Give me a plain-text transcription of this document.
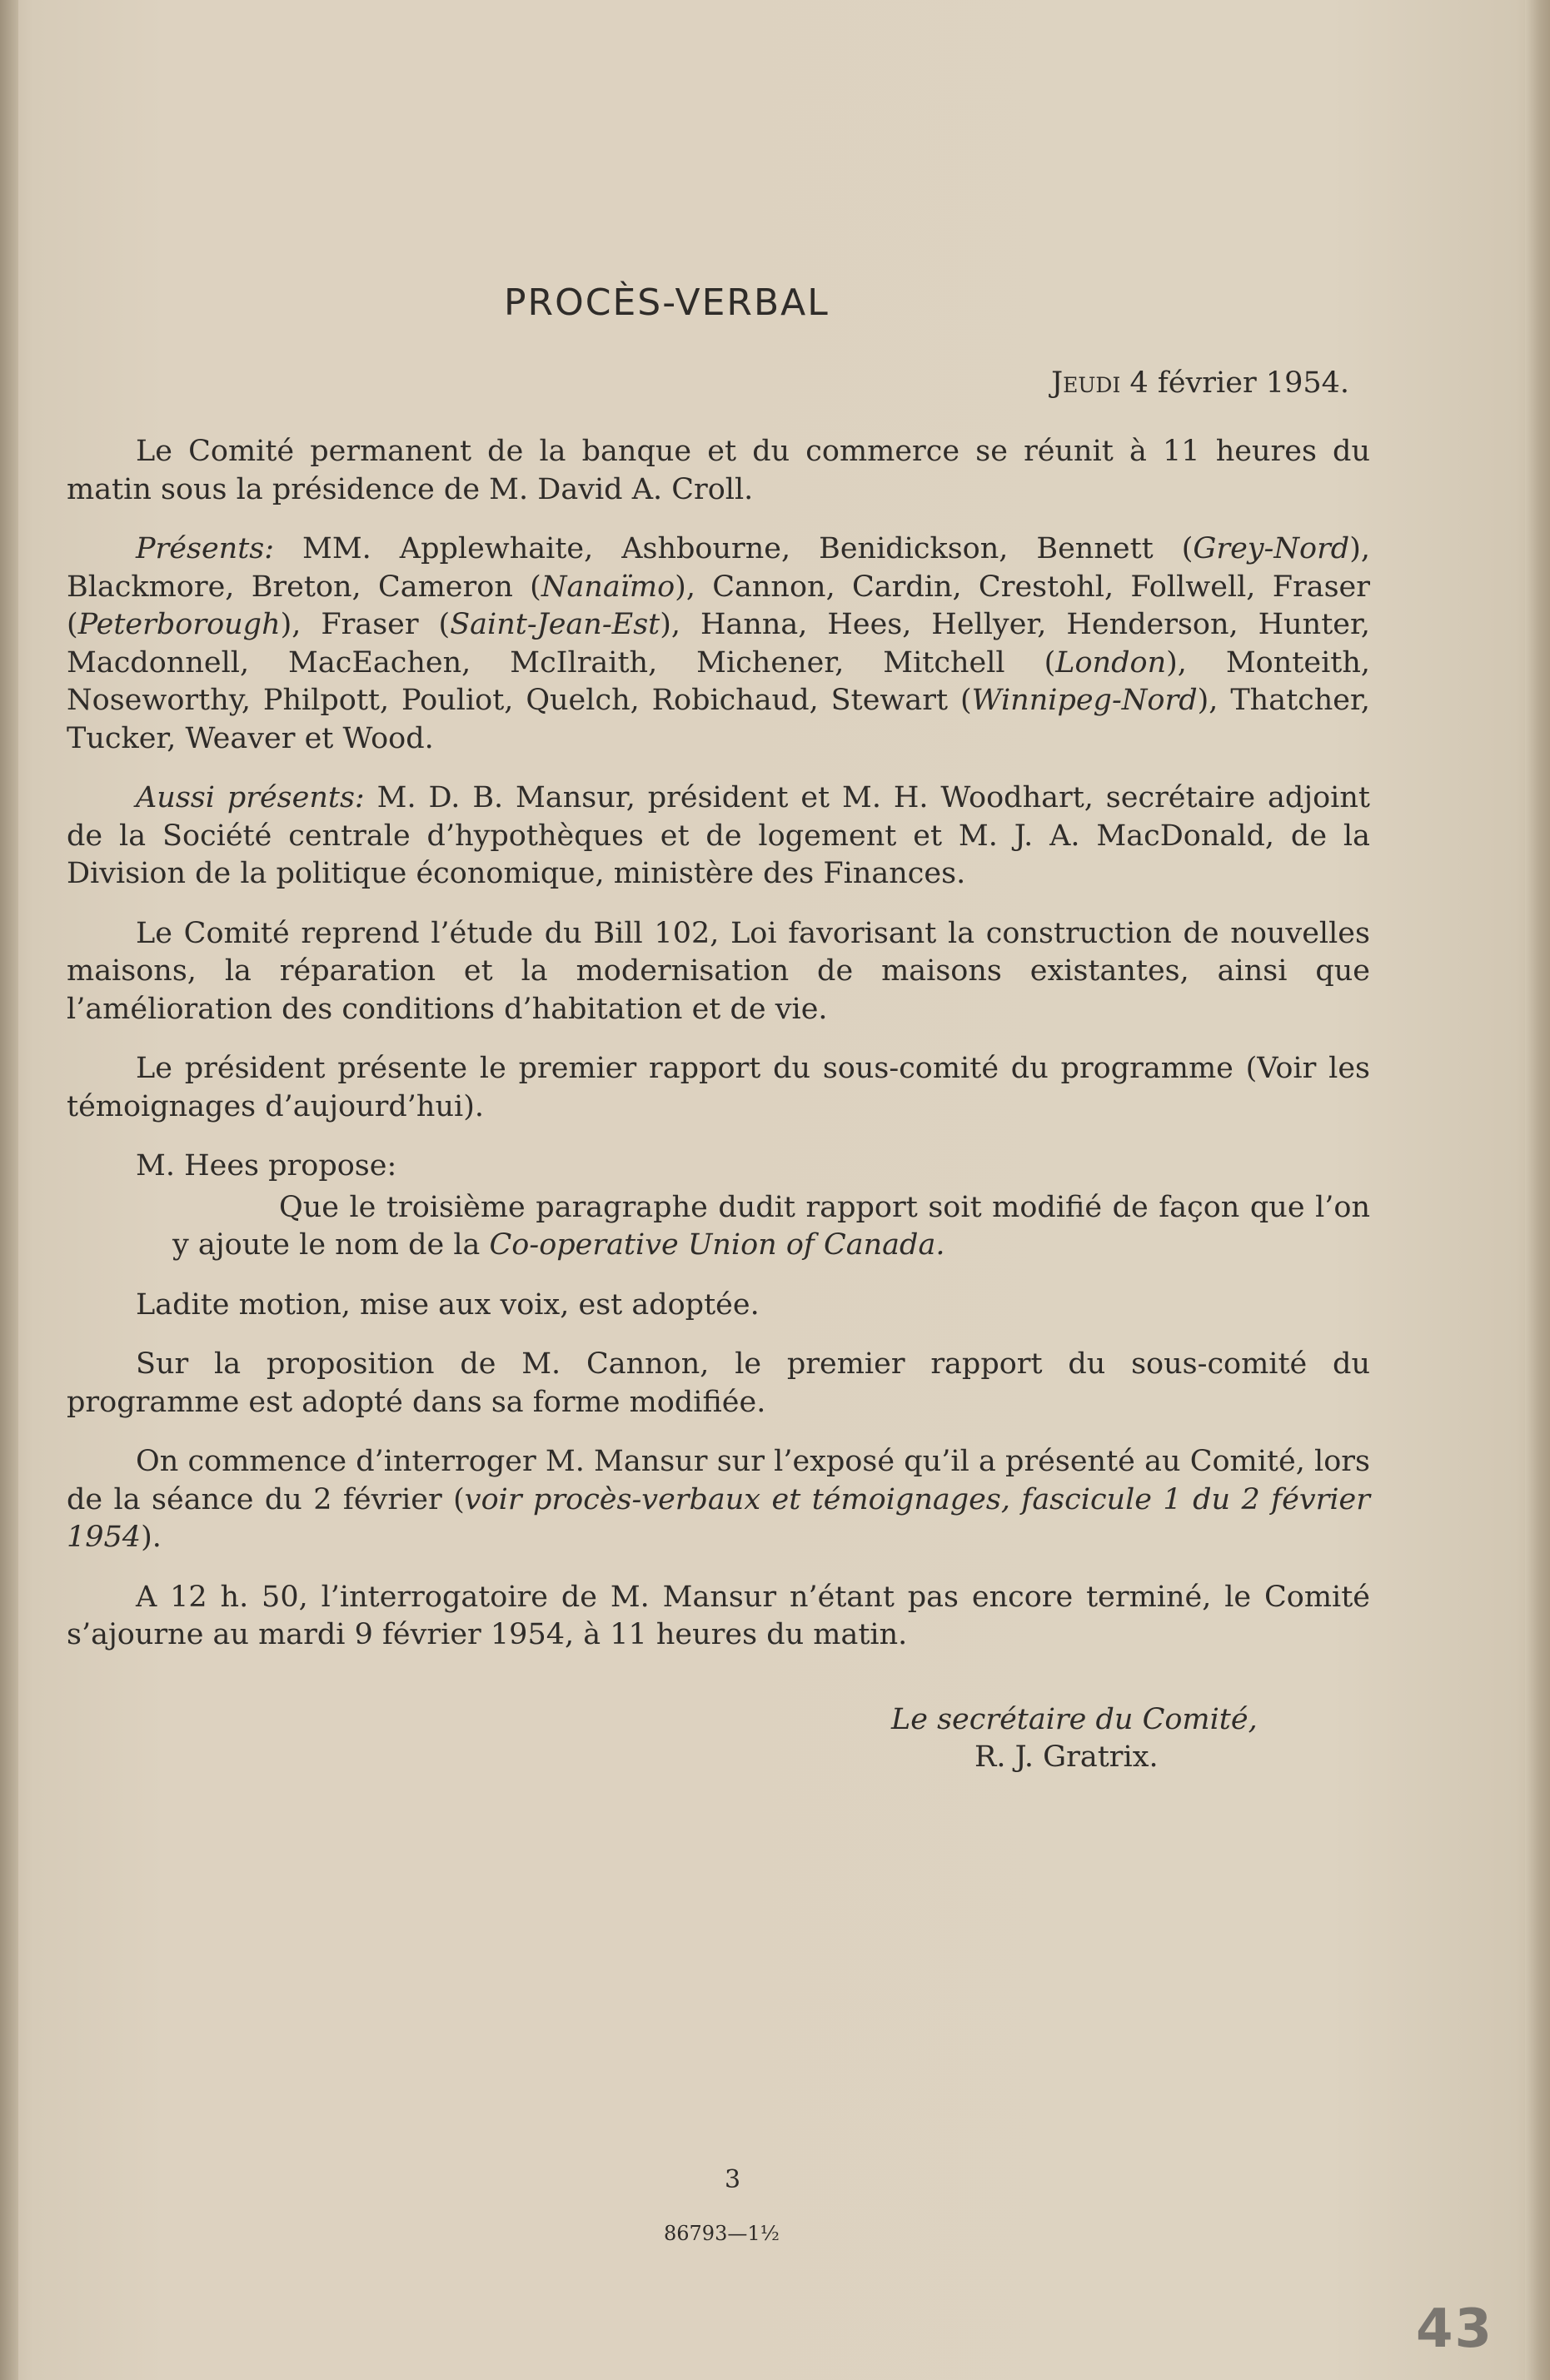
PROCÈS-VERBAL

Jeudi 4 février 1954.

Le Comité permanent de la banque et du commerce se réunit à 11 heures du matin sous la présidence de M. David A. Croll.

Présents: MM. Applewhaite, Ashbourne, Benidickson, Bennett (Grey-Nord), Blackmore, Breton, Cameron (Nanaïmo), Cannon, Cardin, Crestohl, Follwell, Fraser (Peterborough), Fraser (Saint-Jean-Est), Hanna, Hees, Hellyer, Henderson, Hunter, Macdonnell, MacEachen, McIlraith, Michener, Mitchell (London), Monteith, Noseworthy, Philpott, Pouliot, Quelch, Robichaud, Stewart (Winnipeg-Nord), Thatcher, Tucker, Weaver et Wood.

Aussi présents: M. D. B. Mansur, président et M. H. Woodhart, secrétaire adjoint de la Société centrale d’hypothèques et de logement et M. J. A. MacDonald, de la Division de la politique économique, ministère des Finances.

Le Comité reprend l’étude du Bill 102, Loi favorisant la construction de nouvelles maisons, la réparation et la modernisation de maisons existantes, ainsi que l’amélioration des conditions d’habitation et de vie.

Le président présente le premier rapport du sous-comité du programme (Voir les témoignages d’aujourd’hui).

M. Hees propose:

Que le troisième paragraphe dudit rapport soit modifié de façon que l’on y ajoute le nom de la Co-operative Union of Canada.

Ladite motion, mise aux voix, est adoptée.

Sur la proposition de M. Cannon, le premier rapport du sous-comité du programme est adopté dans sa forme modifiée.

On commence d’interroger M. Mansur sur l’exposé qu’il a présenté au Comité, lors de la séance du 2 février (voir procès-verbaux et témoignages, fascicule 1 du 2 février 1954).

A 12 h. 50, l’interrogatoire de M. Mansur n’étant pas encore terminé, le Comité s’ajourne au mardi 9 février 1954, à 11 heures du matin.

Le secrétaire du Comité,
R. J. Gratrix.
3
86793—1½
43
